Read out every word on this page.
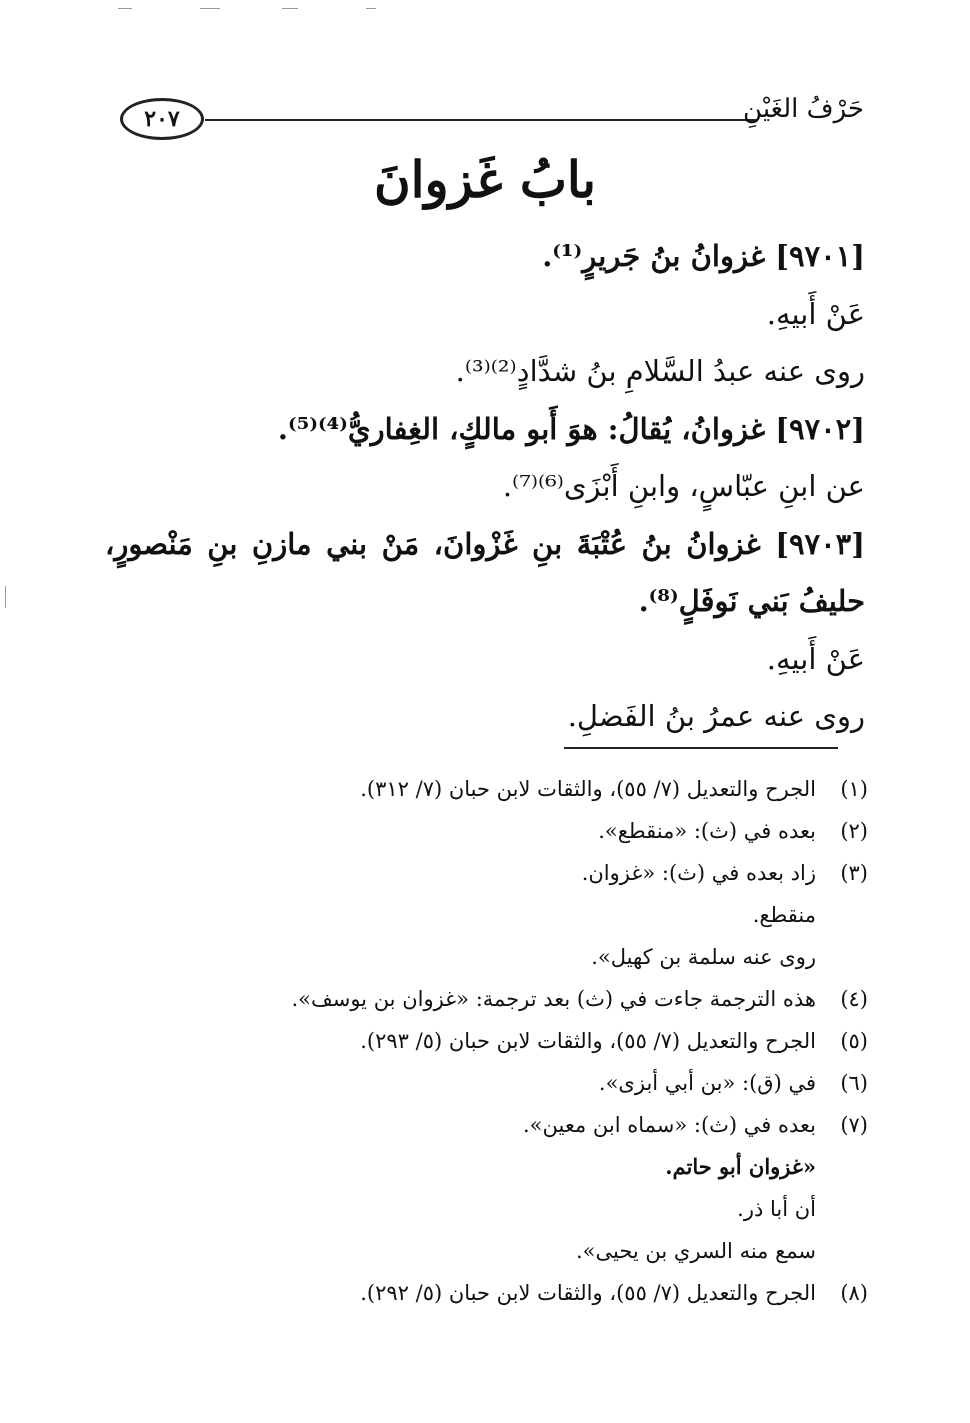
٢٠٧	حَرْفُ الغَيْنِ
بابُ غَزوانَ
[٩٧٠١] غزوانُ بنُ جَريرٍ⁽¹⁾.
عَنْ أَبيهِ.
روى عنه عبدُ السَّلامِ بنُ شدَّادٍ⁽²⁾⁽³⁾.
[٩٧٠٢] غزوانُ، يُقالُ: هوَ أَبو مالكٍ، الغِفاريُّ⁽⁴⁾⁽⁵⁾.
عن ابنِ عبّاسٍ، وابنِ أَبْزَى⁽⁶⁾⁽⁷⁾.
[٩٧٠٣] غزوانُ بنُ عُتْبَةَ بنِ غَزْوانَ، مَنْ بني مازنِ بنِ مَنْصورٍ،
حليفُ بَني نَوفَلٍ⁽⁸⁾.
عَنْ أَبيهِ.
روى عنه عمرُ بنُ الفَضلِ.
(١)
الجرح والتعديل (٧/ ٥٥)، والثقات لابن حبان (٧/ ٣١٢).
(٢)
بعده في (ث): «منقطع».
(٣)
زاد بعده في (ث): «غزوان.
منقطع.
روى عنه سلمة بن كهيل».
(٤)
هذه الترجمة جاءت في (ث) بعد ترجمة: «غزوان بن يوسف».
(٥)
الجرح والتعديل (٧/ ٥٥)، والثقات لابن حبان (٥/ ٢٩٣).
(٦)
في (ق): «بن أبي أبزى».
(٧)
بعده في (ث): «سماه ابن معين».
«غزوان أبو حاتم.
أن أبا ذر.
سمع منه السري بن يحيى».
(٨)
الجرح والتعديل (٧/ ٥٥)، والثقات لابن حبان (٥/ ٢٩٢).
